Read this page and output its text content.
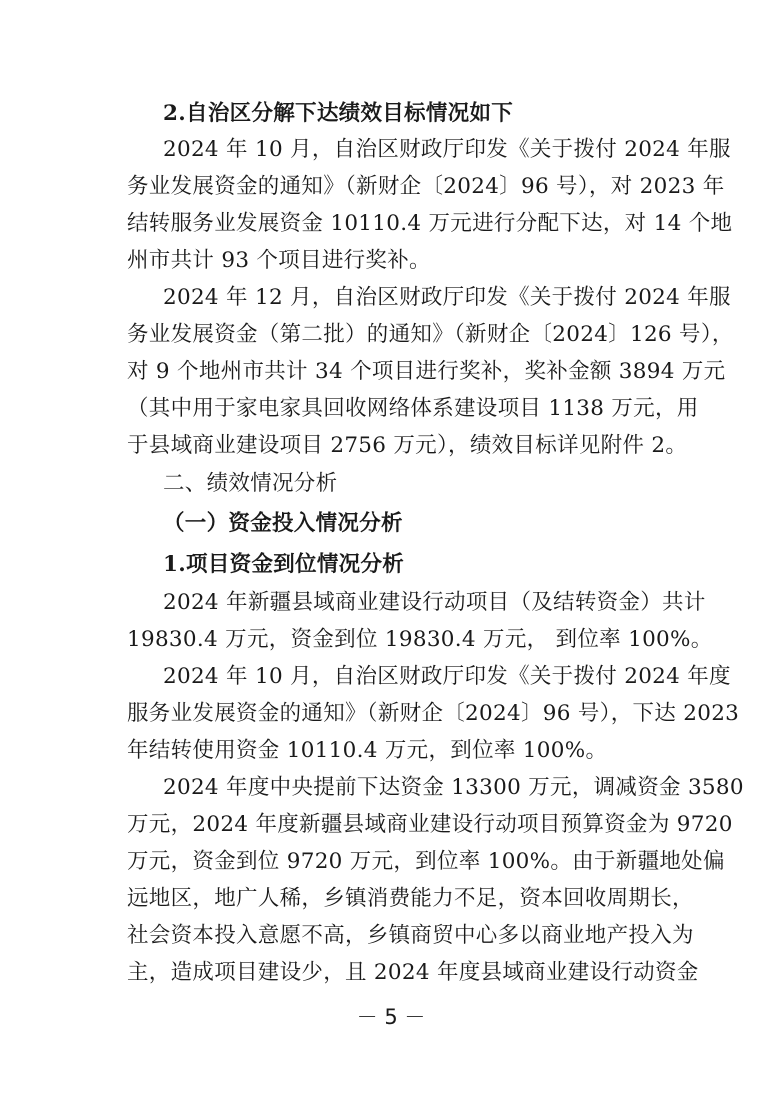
2.自治区分解下达绩效目标情况如下
2024 年 10 月，自治区财政厅印发《关于拨付 2024 年服
务业发展资金的通知》（新财企〔2024〕96 号），对 2023 年
结转服务业发展资金 10110.4 万元进行分配下达，对 14 个地
州市共计 93 个项目进行奖补。
2024 年 12 月，自治区财政厅印发《关于拨付 2024 年服
务业发展资金（第二批）的通知》（新财企〔2024〕126 号），
对 9 个地州市共计 34 个项目进行奖补，奖补金额 3894 万元
（其中用于家电家具回收网络体系建设项目 1138 万元，用
于县域商业建设项目 2756 万元），绩效目标详见附件 2。
二、绩效情况分析
（一）资金投入情况分析
1.项目资金到位情况分析
2024 年新疆县域商业建设行动项目（及结转资金）共计
19830.4 万元，资金到位 19830.4 万元， 到位率 100%。
2024 年 10 月，自治区财政厅印发《关于拨付 2024 年度
服务业发展资金的通知》（新财企〔2024〕96 号），下达 2023
年结转使用资金 10110.4 万元，到位率 100%。
2024 年度中央提前下达资金 13300 万元，调减资金 3580
万元，2024 年度新疆县域商业建设行动项目预算资金为 9720
万元，资金到位 9720 万元，到位率 100%。由于新疆地处偏
远地区，地广人稀，乡镇消费能力不足，资本回收周期长，
社会资本投入意愿不高，乡镇商贸中心多以商业地产投入为
主，造成项目建设少，且 2024 年度县域商业建设行动资金
－ 5 －
